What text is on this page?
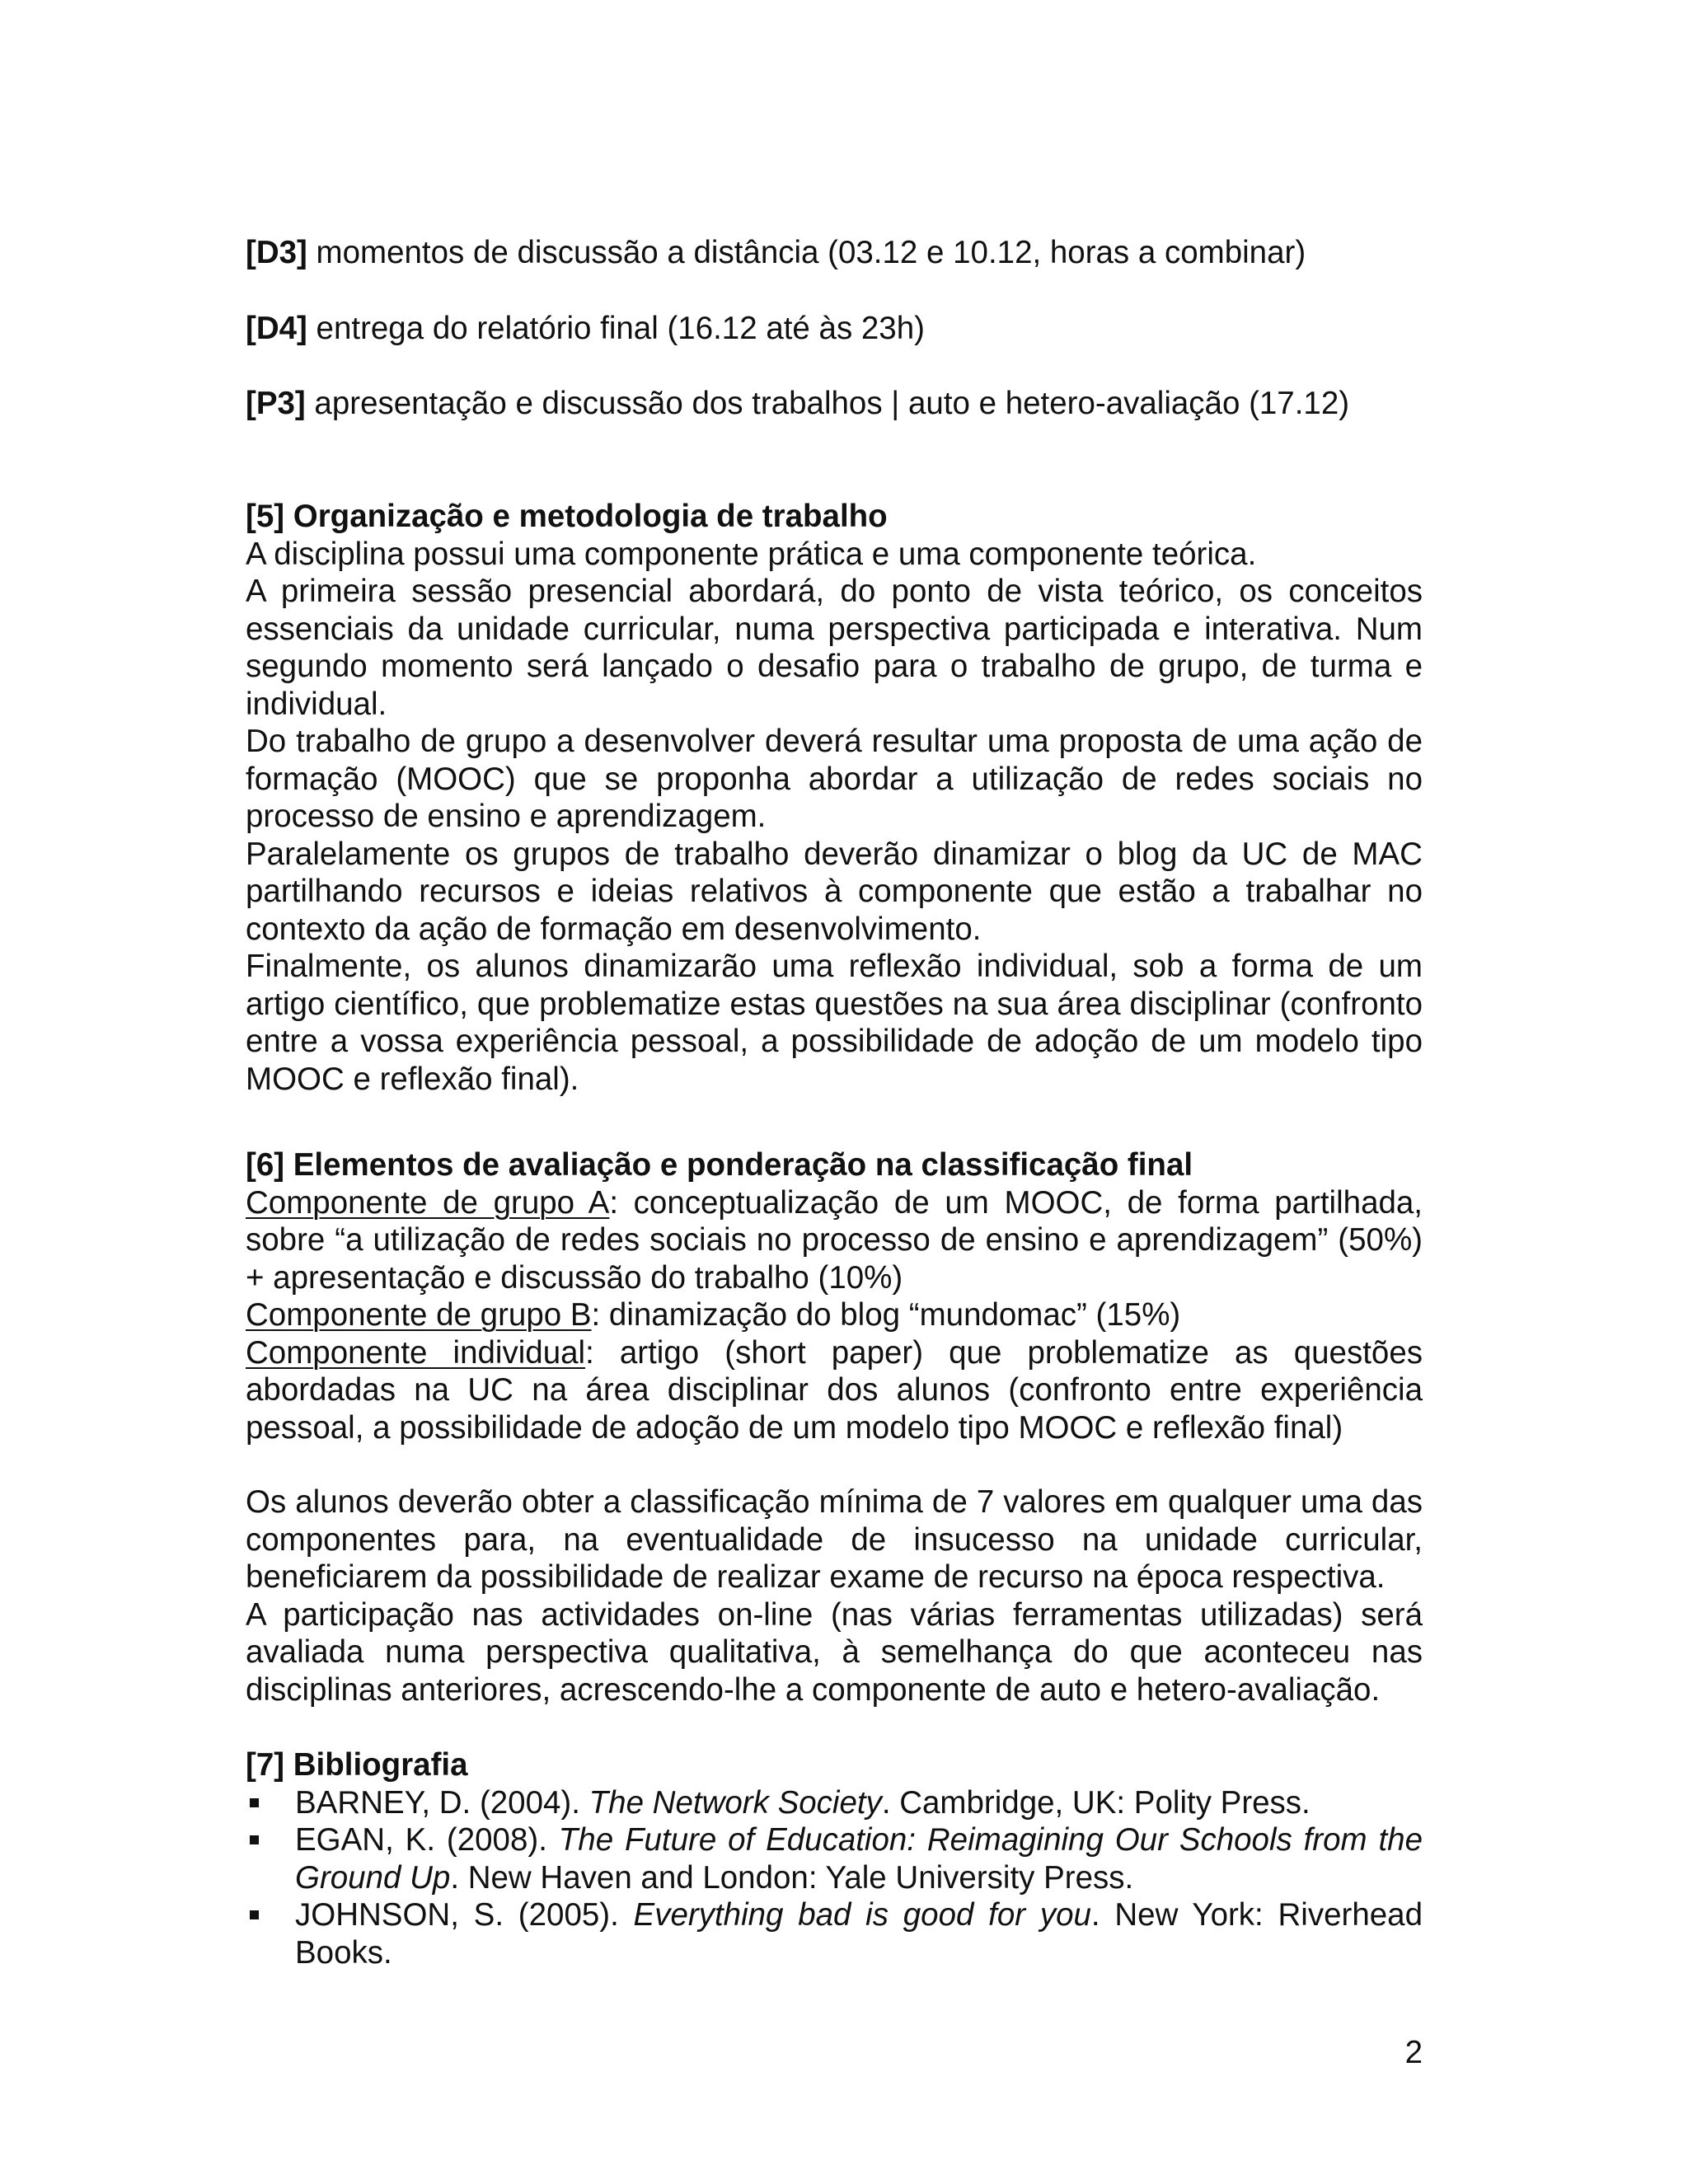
[D3] momentos de discussão a distância (03.12 e 10.12, horas a combinar)

[D4] entrega do relatório final (16.12 até às 23h)

[P3] apresentação e discussão dos trabalhos | auto e hetero-avaliação (17.12)

[5] Organização e metodologia de trabalho

A disciplina possui uma componente prática e uma componente teórica.

A primeira sessão presencial abordará, do ponto de vista teórico, os conceitos essenciais da unidade curricular, numa perspectiva participada e interativa. Num segundo momento será lançado o desafio para o trabalho de grupo, de turma e individual.

Do trabalho de grupo a desenvolver deverá resultar uma proposta de uma ação de formação (MOOC) que se proponha abordar a utilização de redes sociais no processo de ensino e aprendizagem.

Paralelamente os grupos de trabalho deverão dinamizar o blog da UC de MAC partilhando recursos e ideias relativos à componente que estão a trabalhar no contexto da ação de formação em desenvolvimento.

Finalmente, os alunos dinamizarão uma reflexão individual, sob a forma de um artigo científico, que problematize estas questões na sua área disciplinar (confronto entre a vossa experiência pessoal, a possibilidade de adoção de um modelo tipo MOOC e reflexão final).

[6] Elementos de avaliação e ponderação na classificação final

Componente de grupo A: conceptualização de um MOOC, de forma partilhada, sobre “a utilização de redes sociais no processo de ensino e aprendizagem” (50%) + apresentação e discussão do trabalho (10%)

Componente de grupo B: dinamização do blog “mundomac” (15%)

Componente individual: artigo (short paper) que problematize as questões abordadas na UC na área disciplinar dos alunos (confronto entre experiência pessoal, a possibilidade de adoção de um modelo tipo MOOC e reflexão final)

Os alunos deverão obter a classificação mínima de 7 valores em qualquer uma das componentes para, na eventualidade de insucesso na unidade curricular, beneficiarem da possibilidade de realizar exame de recurso na época respectiva.

A participação nas actividades on-line (nas várias ferramentas utilizadas) será avaliada numa perspectiva qualitativa, à semelhança do que aconteceu nas disciplinas anteriores, acrescendo-lhe a componente de auto e hetero-avaliação.

[7] Bibliografia

BARNEY, D. (2004). The Network Society. Cambridge, UK: Polity Press.
EGAN, K. (2008). The Future of Education: Reimagining Our Schools from the Ground Up. New Haven and London: Yale University Press.
JOHNSON, S. (2005). Everything bad is good for you. New York: Riverhead Books.
2
